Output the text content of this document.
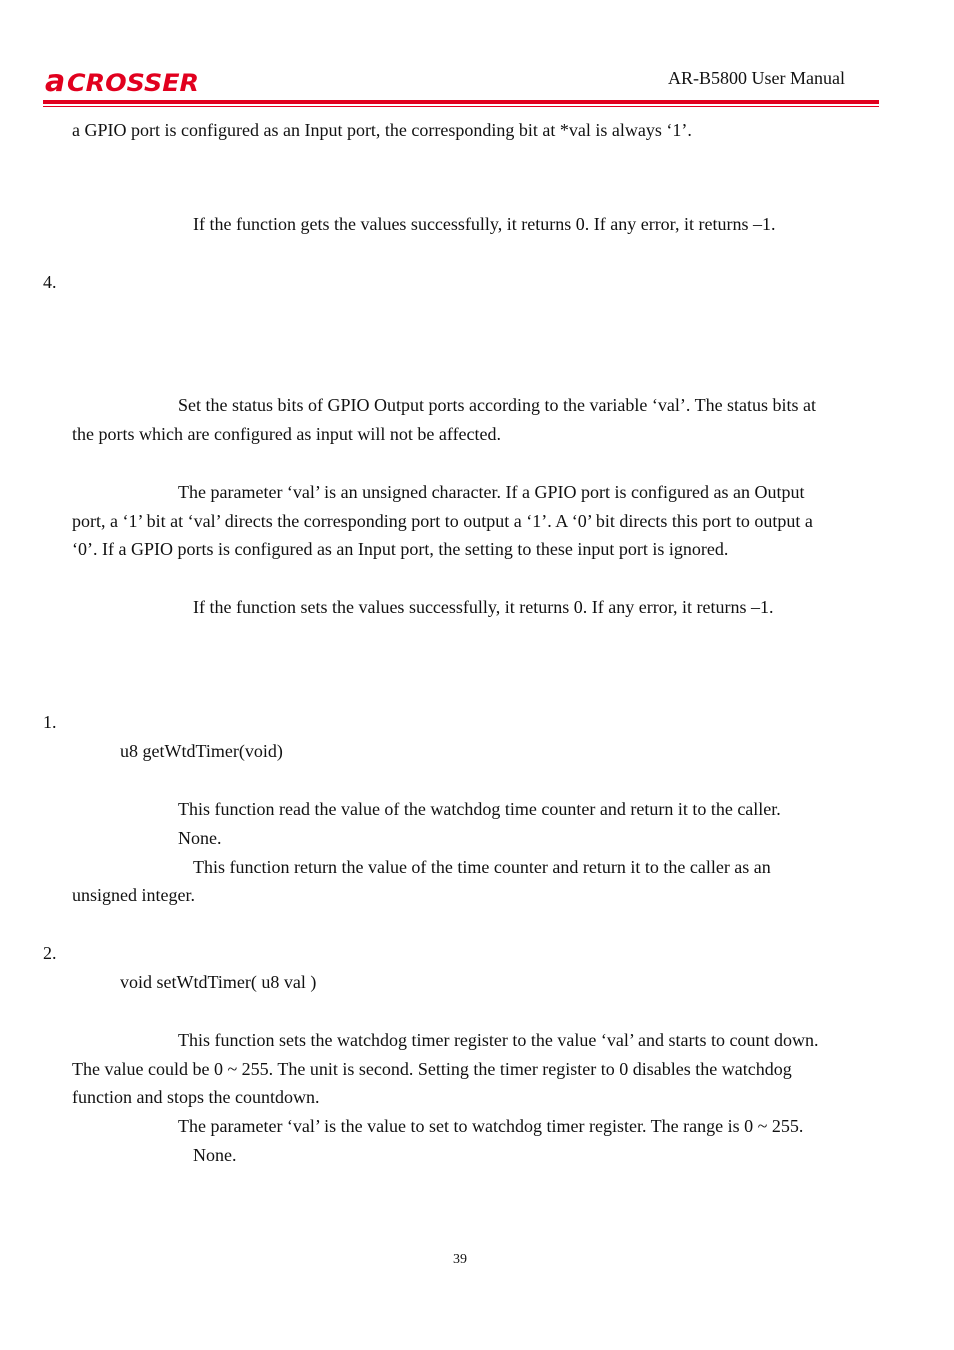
a CROSSER	AR-B5800 User Manual
a GPIO port is configured as an Input port, the corresponding bit at *val is always ‘1’.
If the function gets the values successfully, it returns 0. If any error, it returns –1.
4.
Set the status bits of GPIO Output ports according to the variable ‘val’. The status bits at
the ports which are configured as input will not be affected.
The parameter ‘val’ is an unsigned character. If a GPIO port is configured as an Output
port, a ‘1’ bit at ‘val’ directs the corresponding port to output a ‘1’. A ‘0’ bit directs this port to output a
‘0’. If a GPIO ports is configured as an Input port, the setting to these input port is ignored.
If the function sets the values successfully, it returns 0. If any error, it returns –1.
1.
u8 getWtdTimer(void)
This function read the value of the watchdog time counter and return it to the caller.
None.
This function return the value of the time counter and return it to the caller as an
unsigned integer.
2.
void setWtdTimer( u8 val )
This function sets the watchdog timer register to the value ‘val’ and starts to count down.
The value could be 0 ~ 255. The unit is second. Setting the timer register to 0 disables the watchdog
function and stops the countdown.
The parameter ‘val’ is the value to set to watchdog timer register. The range is 0 ~ 255.
None.
39
